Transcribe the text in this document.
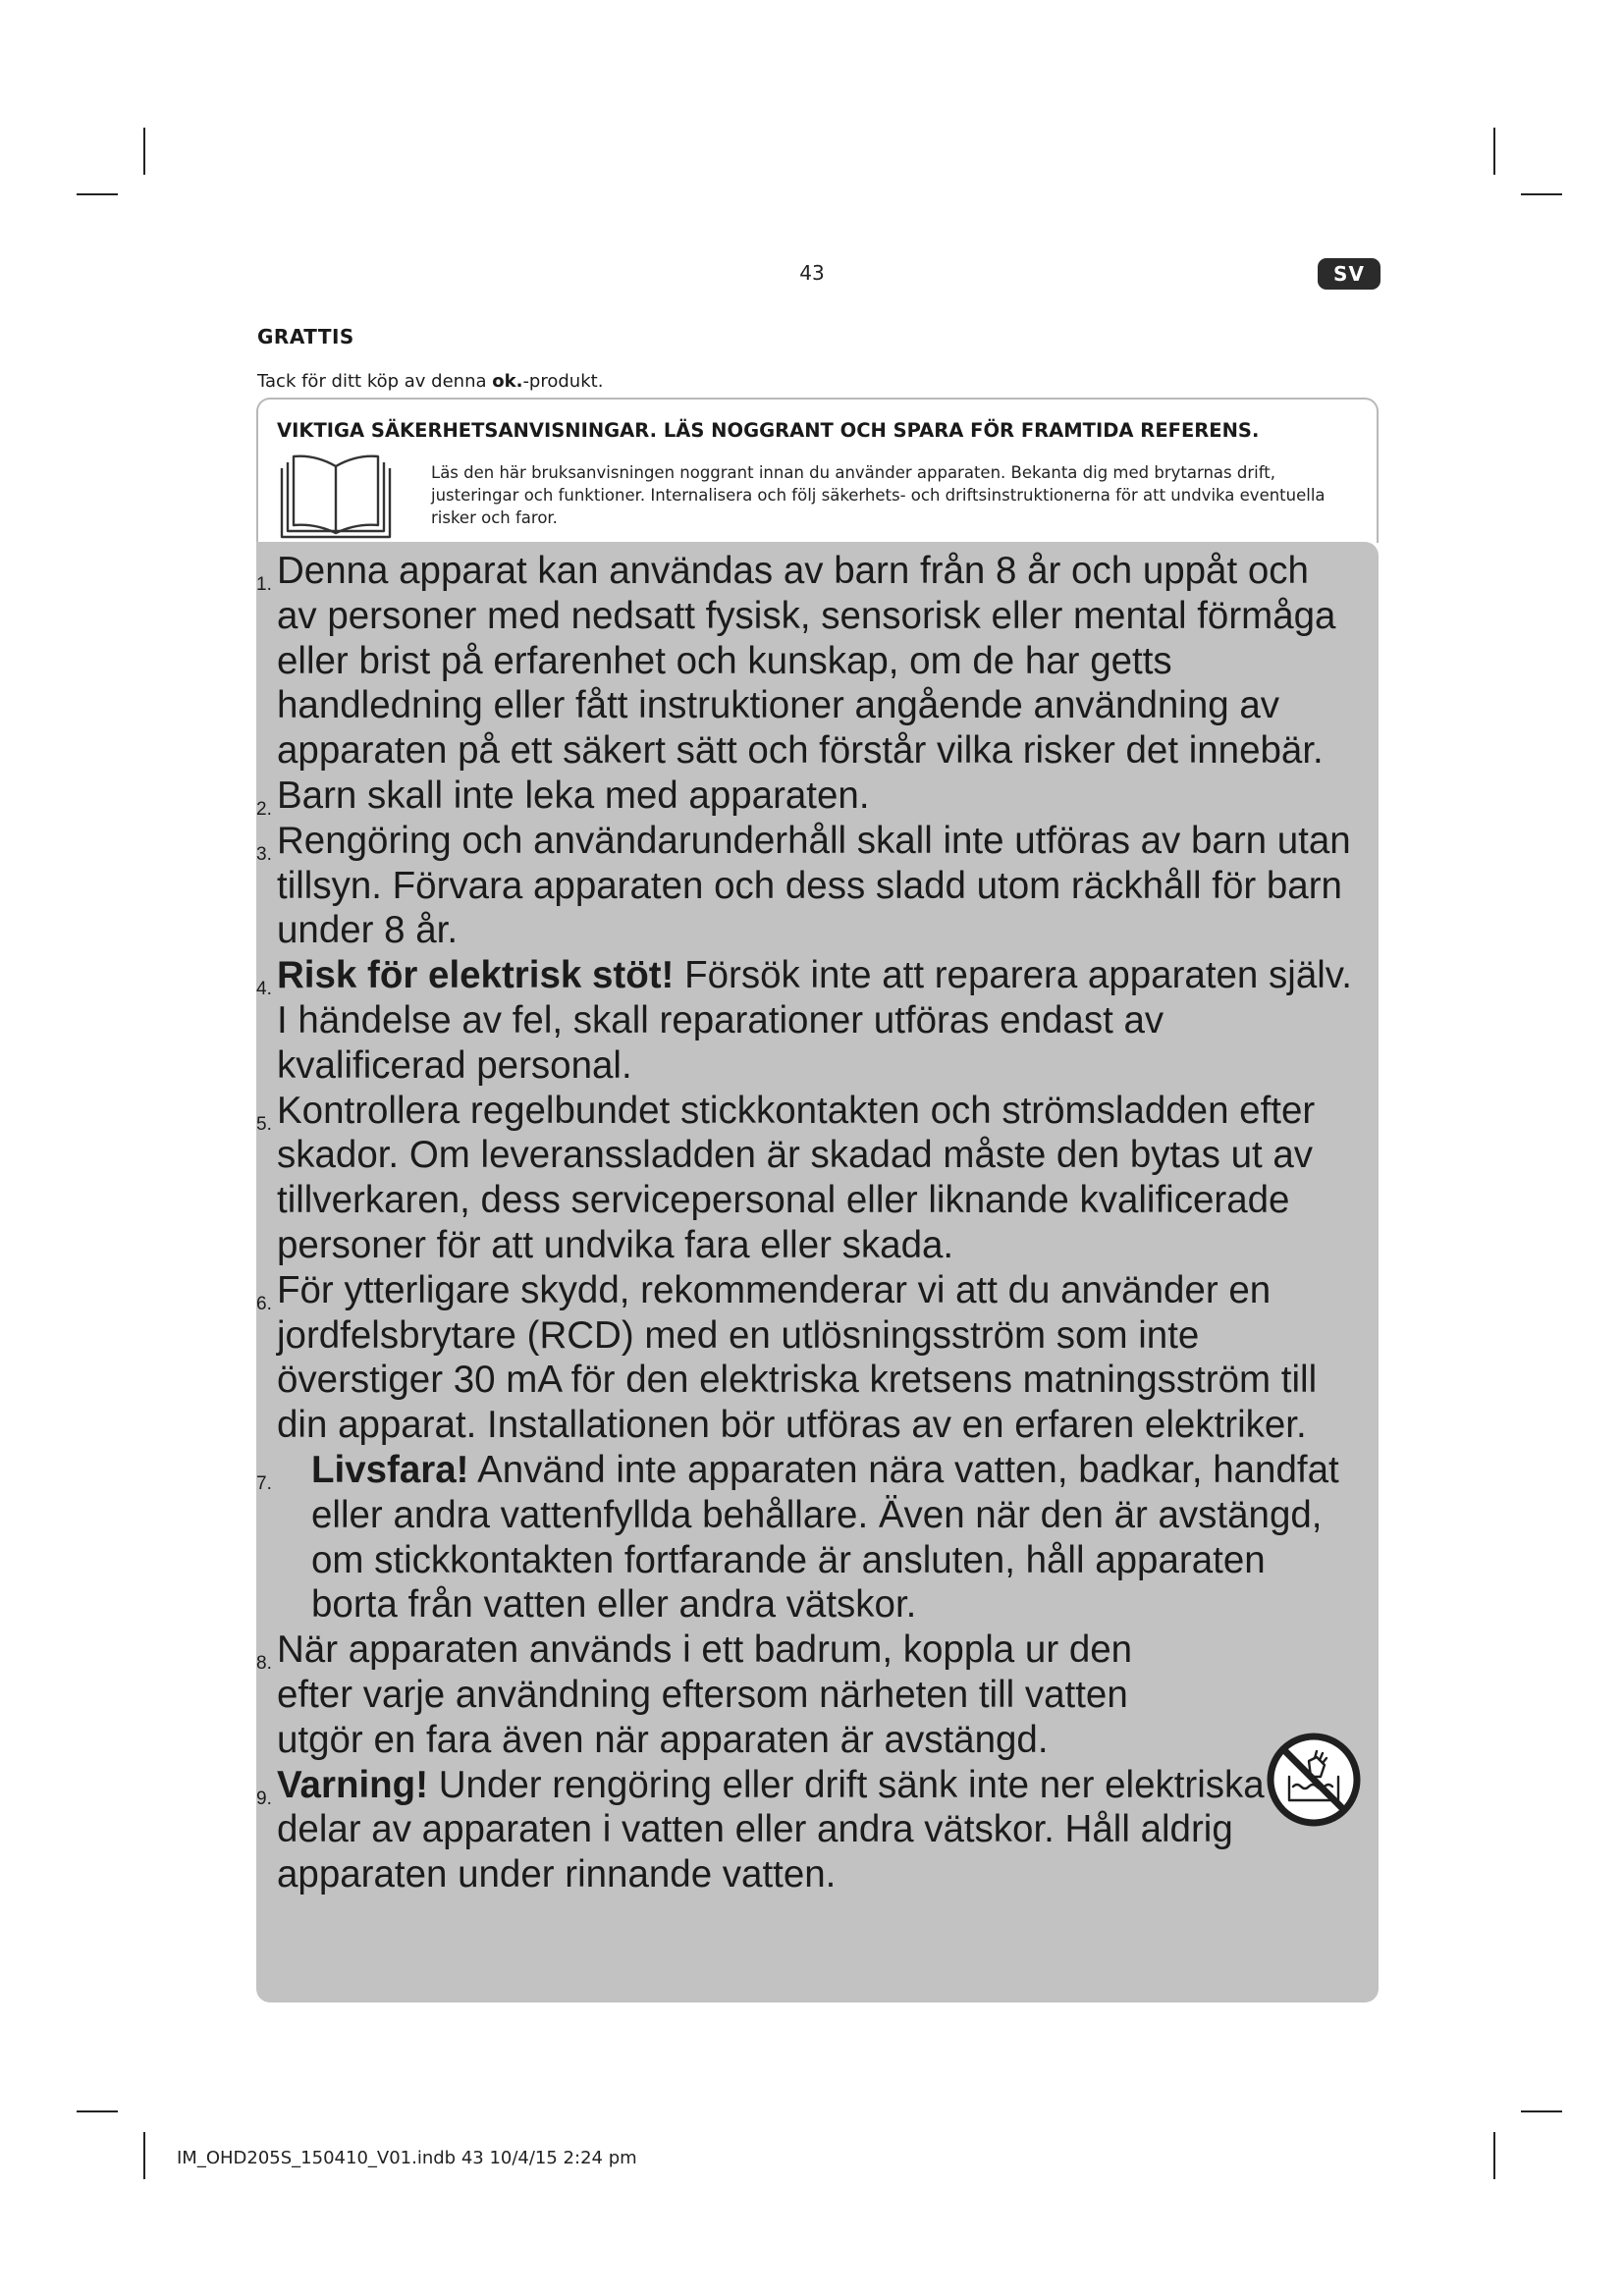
43	SV
GRATTIS
Tack för ditt köp av denna ok.-produkt.
VIKTIGA SÄKERHETSANVISNINGAR. LÄS NOGGRANT OCH SPARA FÖR FRAMTIDA REFERENS.
Läs den här bruksanvisningen noggrant innan du använder apparaten. Bekanta dig med brytarnas drift, justeringar och funktioner. Internalisera och följ säkerhets- och driftsinstruktionerna för att undvika eventuella risker och faror.
1. Denna apparat kan användas av barn från 8 år och uppåt och av personer med nedsatt fysisk, sensorisk eller mental förmåga eller brist på erfarenhet och kunskap, om de har getts handledning eller fått instruktioner angående användning av apparaten på ett säkert sätt och förstår vilka risker det innebär.
2. Barn skall inte leka med apparaten.
3. Rengöring och användarunderhåll skall inte utföras av barn utan tillsyn. Förvara apparaten och dess sladd utom räckhåll för barn under 8 år.
4. Risk för elektrisk stöt! Försök inte att reparera apparaten själv. I händelse av fel, skall reparationer utföras endast av kvalificerad personal.
5. Kontrollera regelbundet stickkontakten och strömsladden efter skador. Om leveranssladden är skadad måste den bytas ut av tillverkaren, dess servicepersonal eller liknande kvalificerade personer för att undvika fara eller skada.
6. För ytterligare skydd, rekommenderar vi att du använder en jordfelsbrytare (RCD) med en utlösningsström som inte överstiger 30 mA för den elektriska kretsens matningsström till din apparat. Installationen bör utföras av en erfaren elektriker.
7. Livsfara! Använd inte apparaten nära vatten, badkar, handfat eller andra vattenfyllda behållare. Även när den är avstängd, om stickkontakten fortfarande är ansluten, håll apparaten borta från vatten eller andra vätskor.
8. När apparaten används i ett badrum, koppla ur den efter varje användning eftersom närheten till vatten utgör en fara även när apparaten är avstängd.
9. Varning! Under rengöring eller drift sänk inte ner elektriska delar av apparaten i vatten eller andra vätskor. Håll aldrig apparaten under rinnande vatten.
IM_OHD205S_150410_V01.indb 43 10/4/15 2:24 pm
